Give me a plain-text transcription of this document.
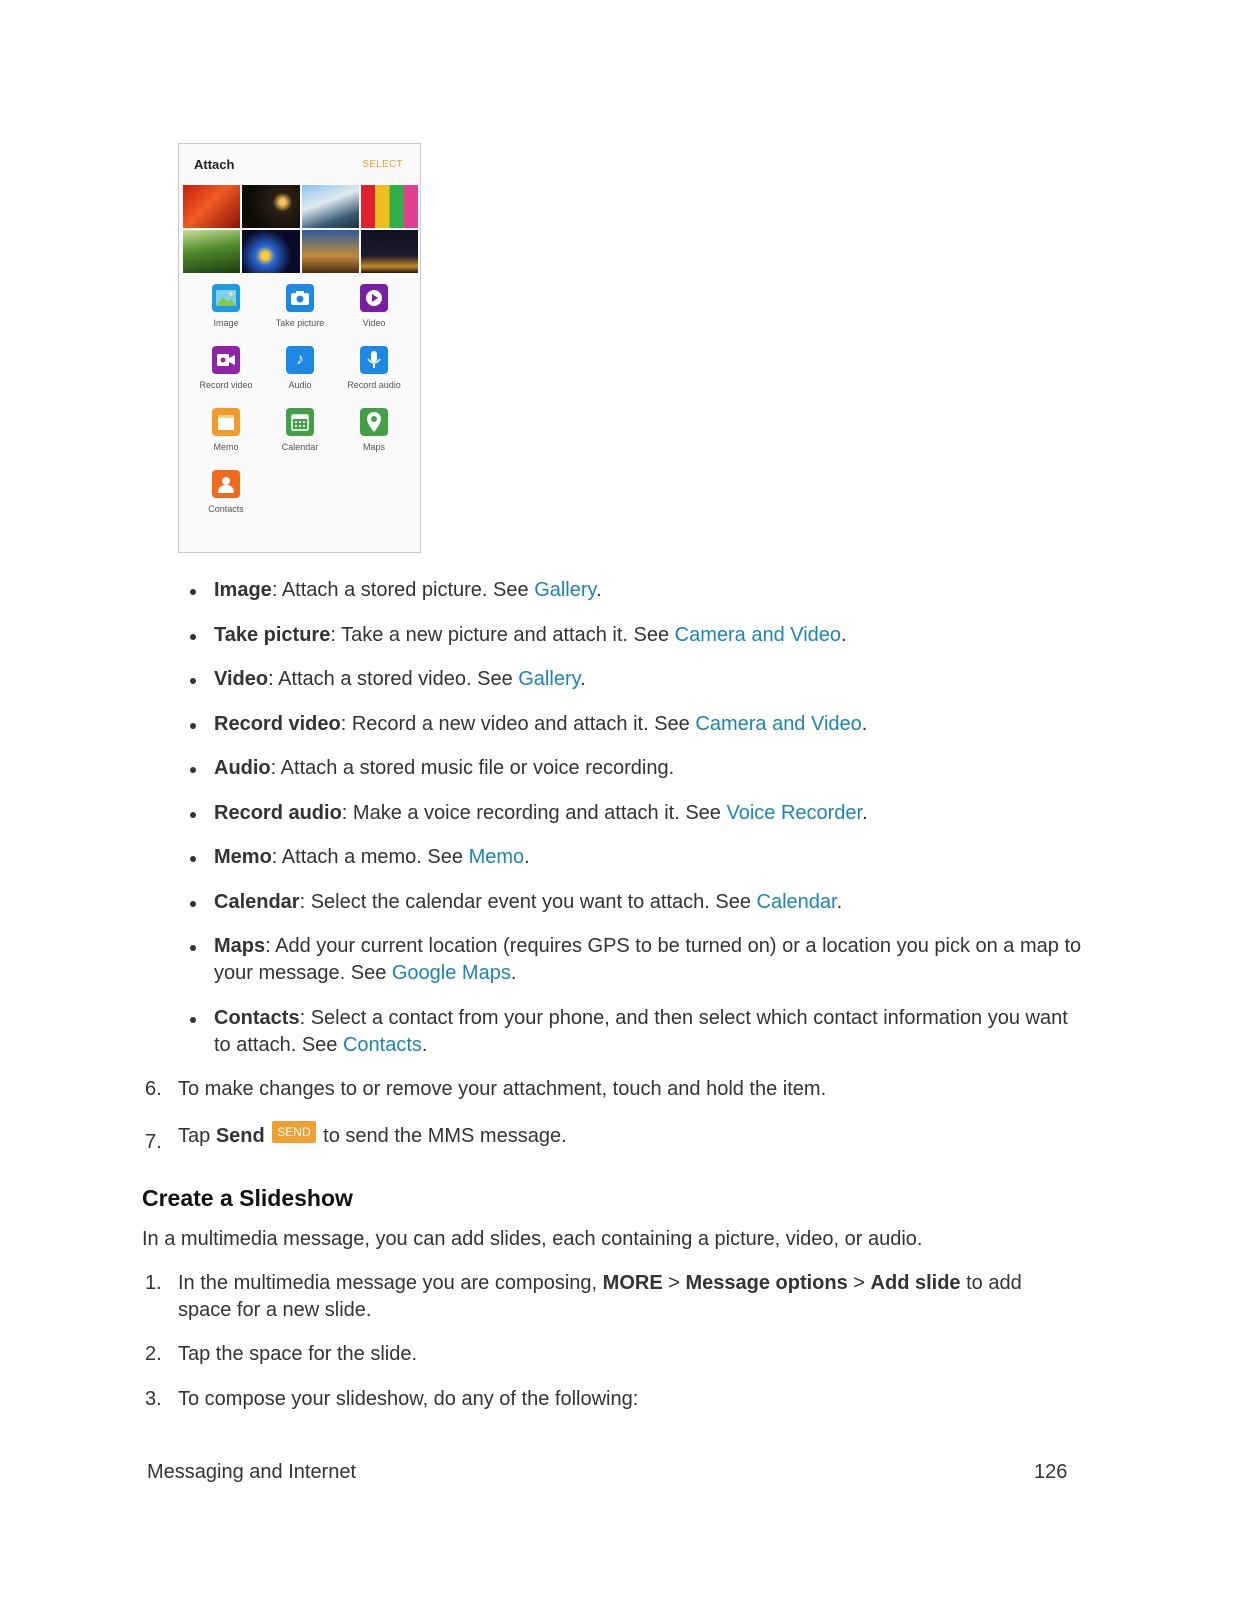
Attach	SELECT
Image	Take picture	Video
Record video
♪
Audio	Record audio
Memo	Calendar	Maps
Contacts
Image: Attach a stored picture. See Gallery.
Take picture: Take a new picture and attach it. See Camera and Video.
Video: Attach a stored video. See Gallery.
Record video: Record a new video and attach it. See Camera and Video.
Audio: Attach a stored music file or voice recording.
Record audio: Make a voice recording and attach it. See Voice Recorder.
Memo: Attach a memo. See Memo.
Calendar: Select the calendar event you want to attach. See Calendar.
Maps: Add your current location (requires GPS to be turned on) or a location you pick on a map to your message. See Google Maps.
Contacts: Select a contact from your phone, and then select which contact information you want to attach. See Contacts.
6. To make changes to or remove your attachment, touch and hold the item.
7. Tap Send SEND to send the MMS message.
Create a Slideshow
In a multimedia message, you can add slides, each containing a picture, video, or audio.
1. In the multimedia message you are composing, MORE > Message options > Add slide to add space for a new slide.
2. Tap the space for the slide.
3. To compose your slideshow, do any of the following:
Messaging and Internet	126
